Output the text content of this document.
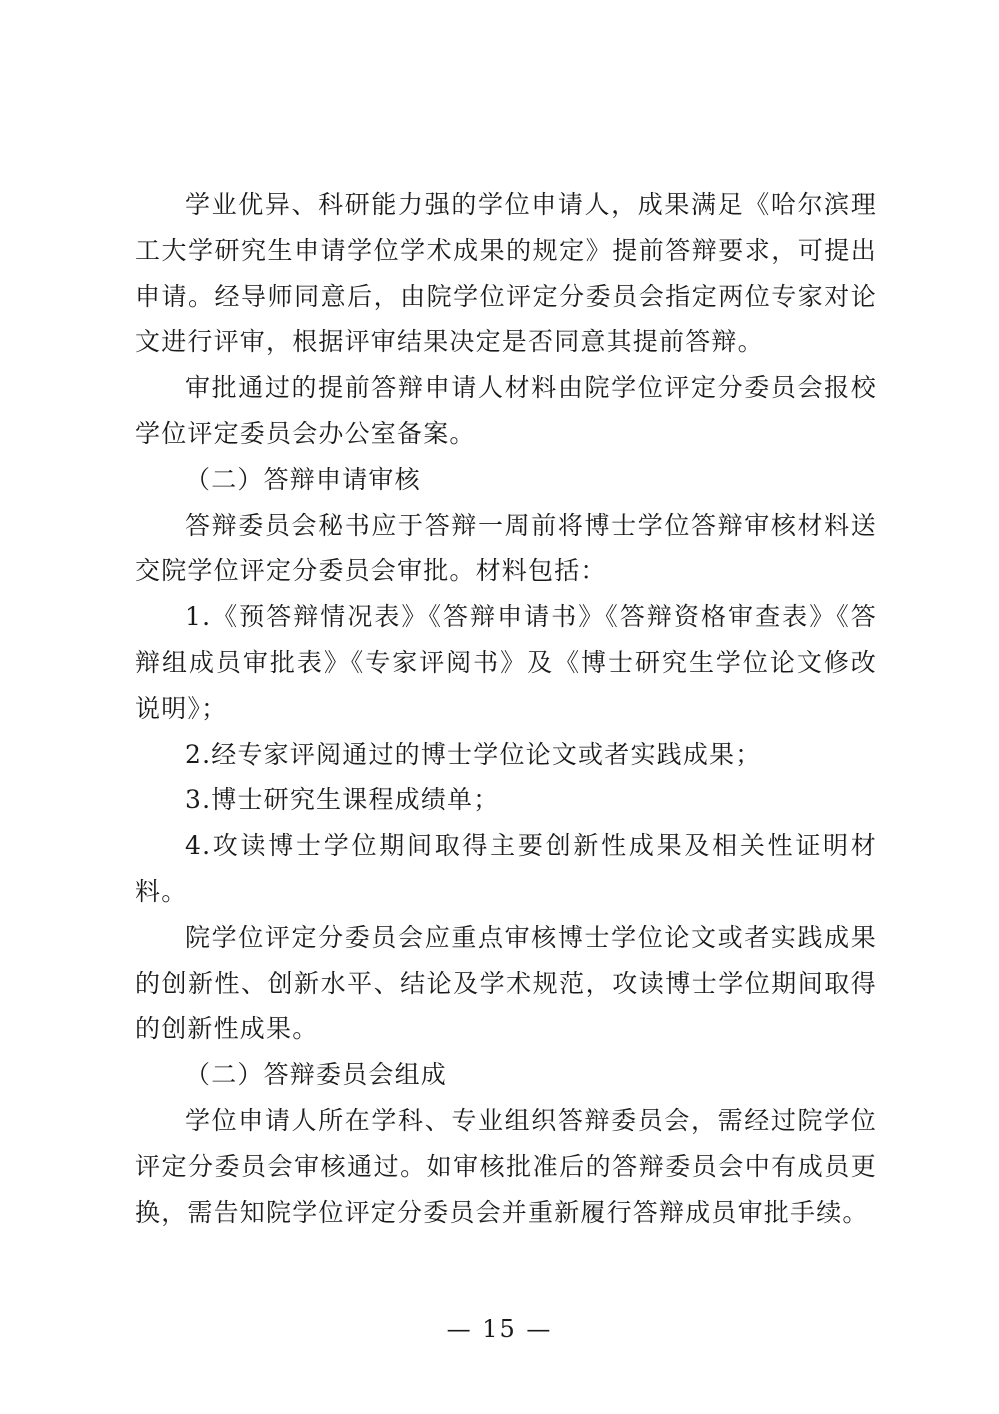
学业优异、科研能力强的学位申请人，成果满足《哈尔滨理工大学研究生申请学位学术成果的规定》提前答辩要求，可提出申请。经导师同意后，由院学位评定分委员会指定两位专家对论文进行评审，根据评审结果决定是否同意其提前答辩。

审批通过的提前答辩申请人材料由院学位评定分委员会报校学位评定委员会办公室备案。

（二）答辩申请审核

答辩委员会秘书应于答辩一周前将博士学位答辩审核材料送交院学位评定分委员会审批。材料包括：

1.《预答辩情况表》《答辩申请书》《答辩资格审查表》《答辩组成员审批表》《专家评阅书》及《博士研究生学位论文修改说明》；

2.经专家评阅通过的博士学位论文或者实践成果；

3.博士研究生课程成绩单；

4.攻读博士学位期间取得主要创新性成果及相关性证明材料。

院学位评定分委员会应重点审核博士学位论文或者实践成果的创新性、创新水平、结论及学术规范，攻读博士学位期间取得的创新性成果。

（二）答辩委员会组成

学位申请人所在学科、专业组织答辩委员会，需经过院学位评定分委员会审核通过。如审核批准后的答辩委员会中有成员更换，需告知院学位评定分委员会并重新履行答辩成员审批手续。

— 15 —
